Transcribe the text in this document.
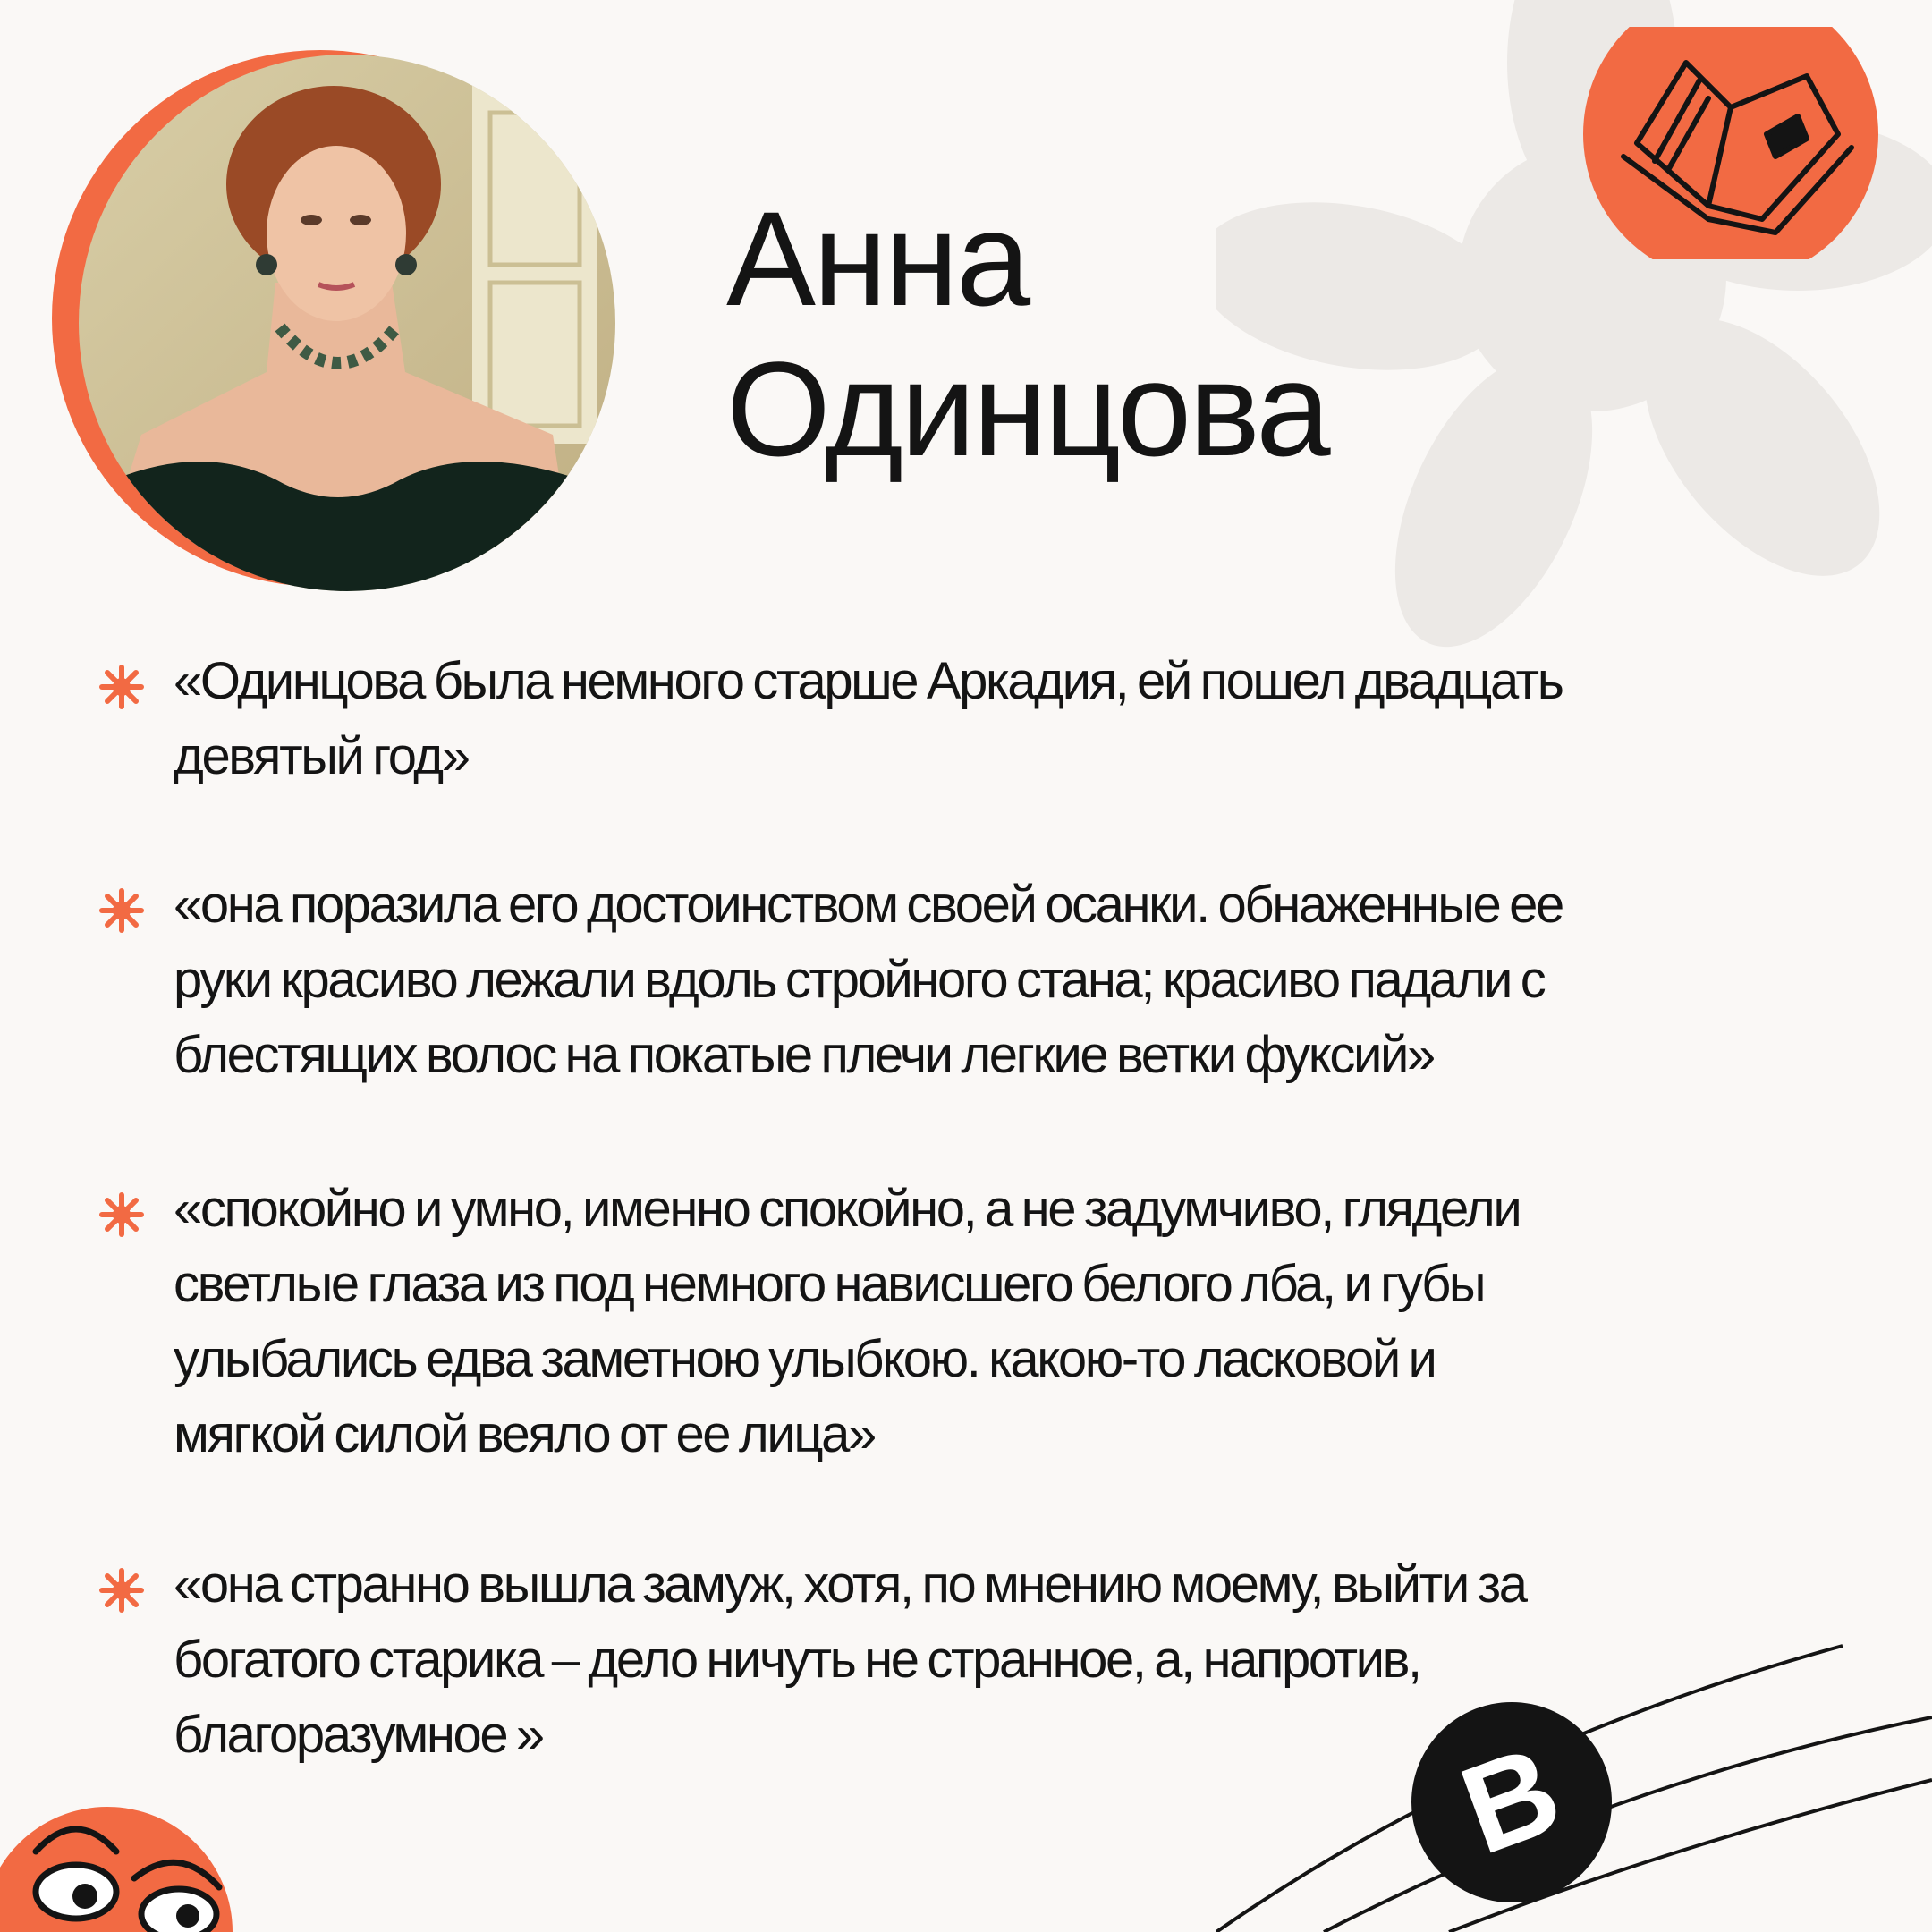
Анна
Одинцова

«Одинцова была немного старше Аркадия, ей пошел двадцать
девятый год»

«она поразила его достоинством своей осанки. обнаженные ее
руки красиво лежали вдоль стройного стана; красиво падали с
блестящих волос на покатые плечи легкие ветки фуксий»

«спокойно и умно, именно спокойно, а не задумчиво, глядели
светлые глаза из под немного нависшего белого лба, и губы
улыбались едва заметною улыбкою. какою-то ласковой и
мягкой силой веяло от ее лица»

«она странно вышла замуж, хотя, по мнению моему, выйти за
богатого старика – дело ничуть не странное, а, напротив,
благоразумное »	B
